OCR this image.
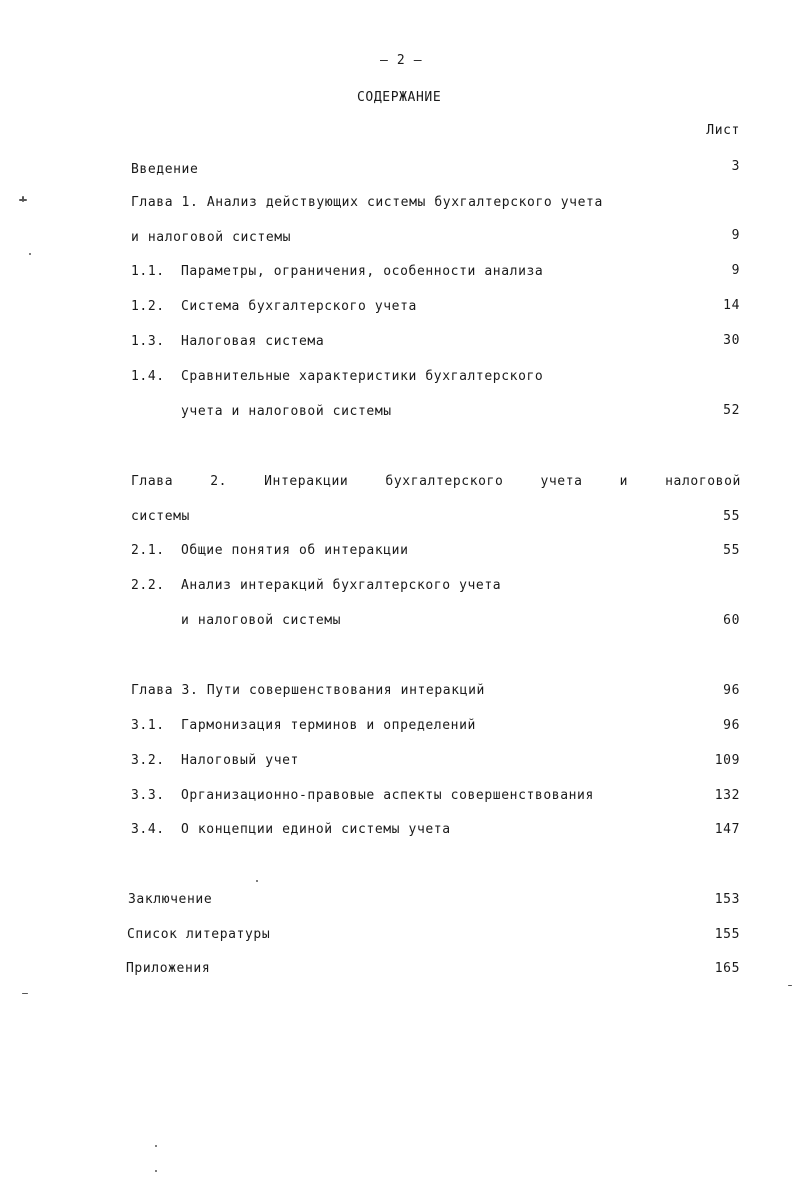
– 2 –
СОДЕРЖАНИЕ
Лист
Введение	3
Глава 1. Анализ действующих системы бухгалтерского учета
и налоговой системы	9
1.1. Параметры, ограничения, особенности анализа	9
1.2. Система бухгалтерского учета	14
1.3. Налоговая система	30
1.4. Сравнительные характеристики бухгалтерского
учета и налоговой системы	52
Глава	2.	Интеракции	бухгалтерского	учета	и	налоговой
системы	55
2.1. Общие понятия об интеракции	55
2.2. Анализ интеракций бухгалтерского учета
и налоговой системы	60
Глава 3. Пути совершенствования интеракций	96
3.1. Гармонизация терминов и определений	96
3.2. Налоговый учет	109
3.3. Организационно-правовые аспекты совершенствования	132
3.4. О концепции единой системы учета	147
Заключение	153
Список литературы	155
Приложения	165
